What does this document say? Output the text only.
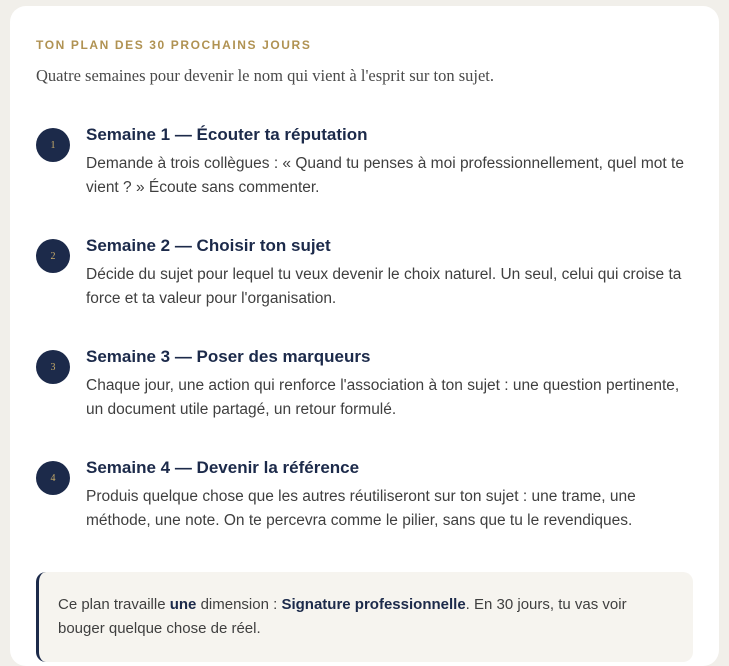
TON PLAN DES 30 PROCHAINS JOURS
Quatre semaines pour devenir le nom qui vient à l'esprit sur ton sujet.
1
Semaine 1 — Écouter ta réputation
Demande à trois collègues : « Quand tu penses à moi professionnellement, quel mot te vient ? » Écoute sans commenter.
2
Semaine 2 — Choisir ton sujet
Décide du sujet pour lequel tu veux devenir le choix naturel. Un seul, celui qui croise ta force et ta valeur pour l'organisation.
3
Semaine 3 — Poser des marqueurs
Chaque jour, une action qui renforce l'association à ton sujet : une question pertinente, un document utile partagé, un retour formulé.
4
Semaine 4 — Devenir la référence
Produis quelque chose que les autres réutiliseront sur ton sujet : une trame, une méthode, une note. On te percevra comme le pilier, sans que tu le revendiques.
Ce plan travaille une dimension : Signature professionnelle. En 30 jours, tu vas voir bouger quelque chose de réel.
